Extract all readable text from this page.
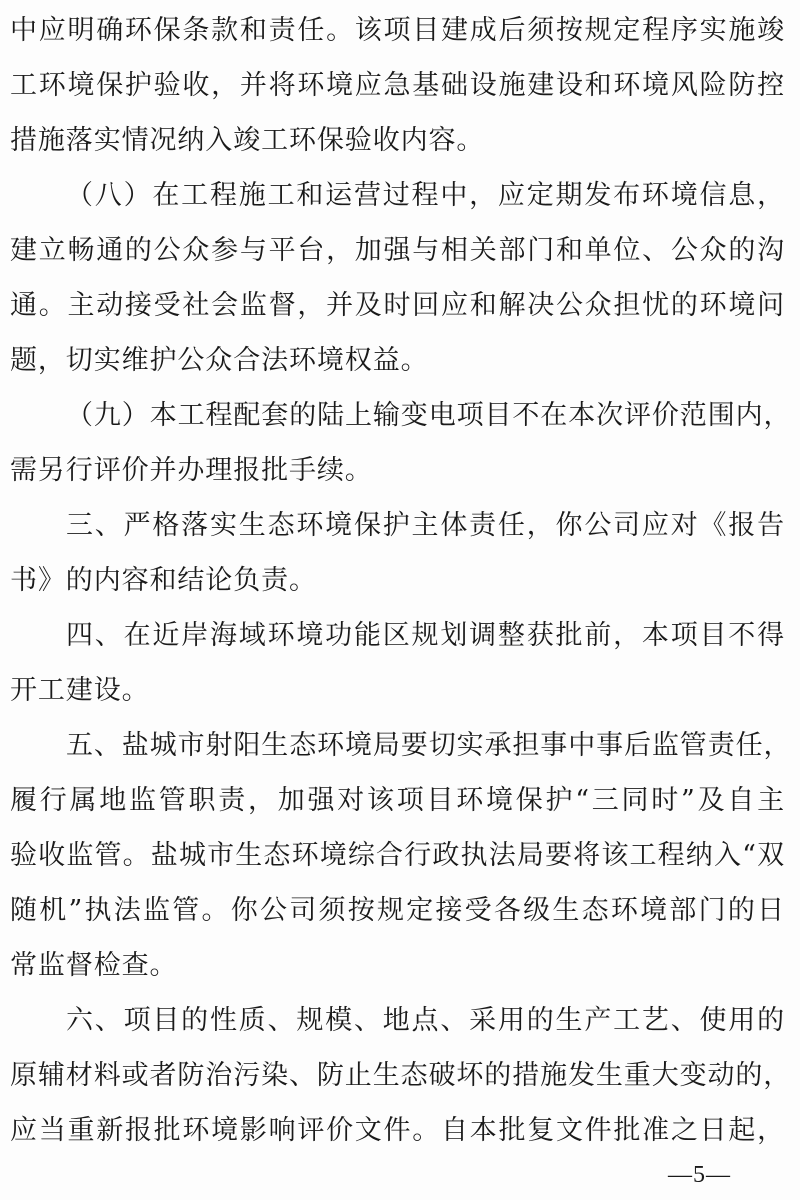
中应明确环保条款和责任。该项目建成后须按规定程序实施竣
工环境保护验收，并将环境应急基础设施建设和环境风险防控
措施落实情况纳入竣工环保验收内容。
（八）在工程施工和运营过程中，应定期发布环境信息，
建立畅通的公众参与平台，加强与相关部门和单位、公众的沟
通。主动接受社会监督，并及时回应和解决公众担忧的环境问
题，切实维护公众合法环境权益。
（九）本工程配套的陆上输变电项目不在本次评价范围内，
需另行评价并办理报批手续。
三、严格落实生态环境保护主体责任，你公司应对《报告
书》的内容和结论负责。
四、在近岸海域环境功能区规划调整获批前，本项目不得
开工建设。
五、盐城市射阳生态环境局要切实承担事中事后监管责任，
履行属地监管职责，加强对该项目环境保护“三同时”及自主
验收监管。盐城市生态环境综合行政执法局要将该工程纳入“双
随机”执法监管。你公司须按规定接受各级生态环境部门的日
常监督检查。
六、项目的性质、规模、地点、采用的生产工艺、使用的
原辅材料或者防治污染、防止生态破坏的措施发生重大变动的，
应当重新报批环境影响评价文件。自本批复文件批准之日起，
—5—
